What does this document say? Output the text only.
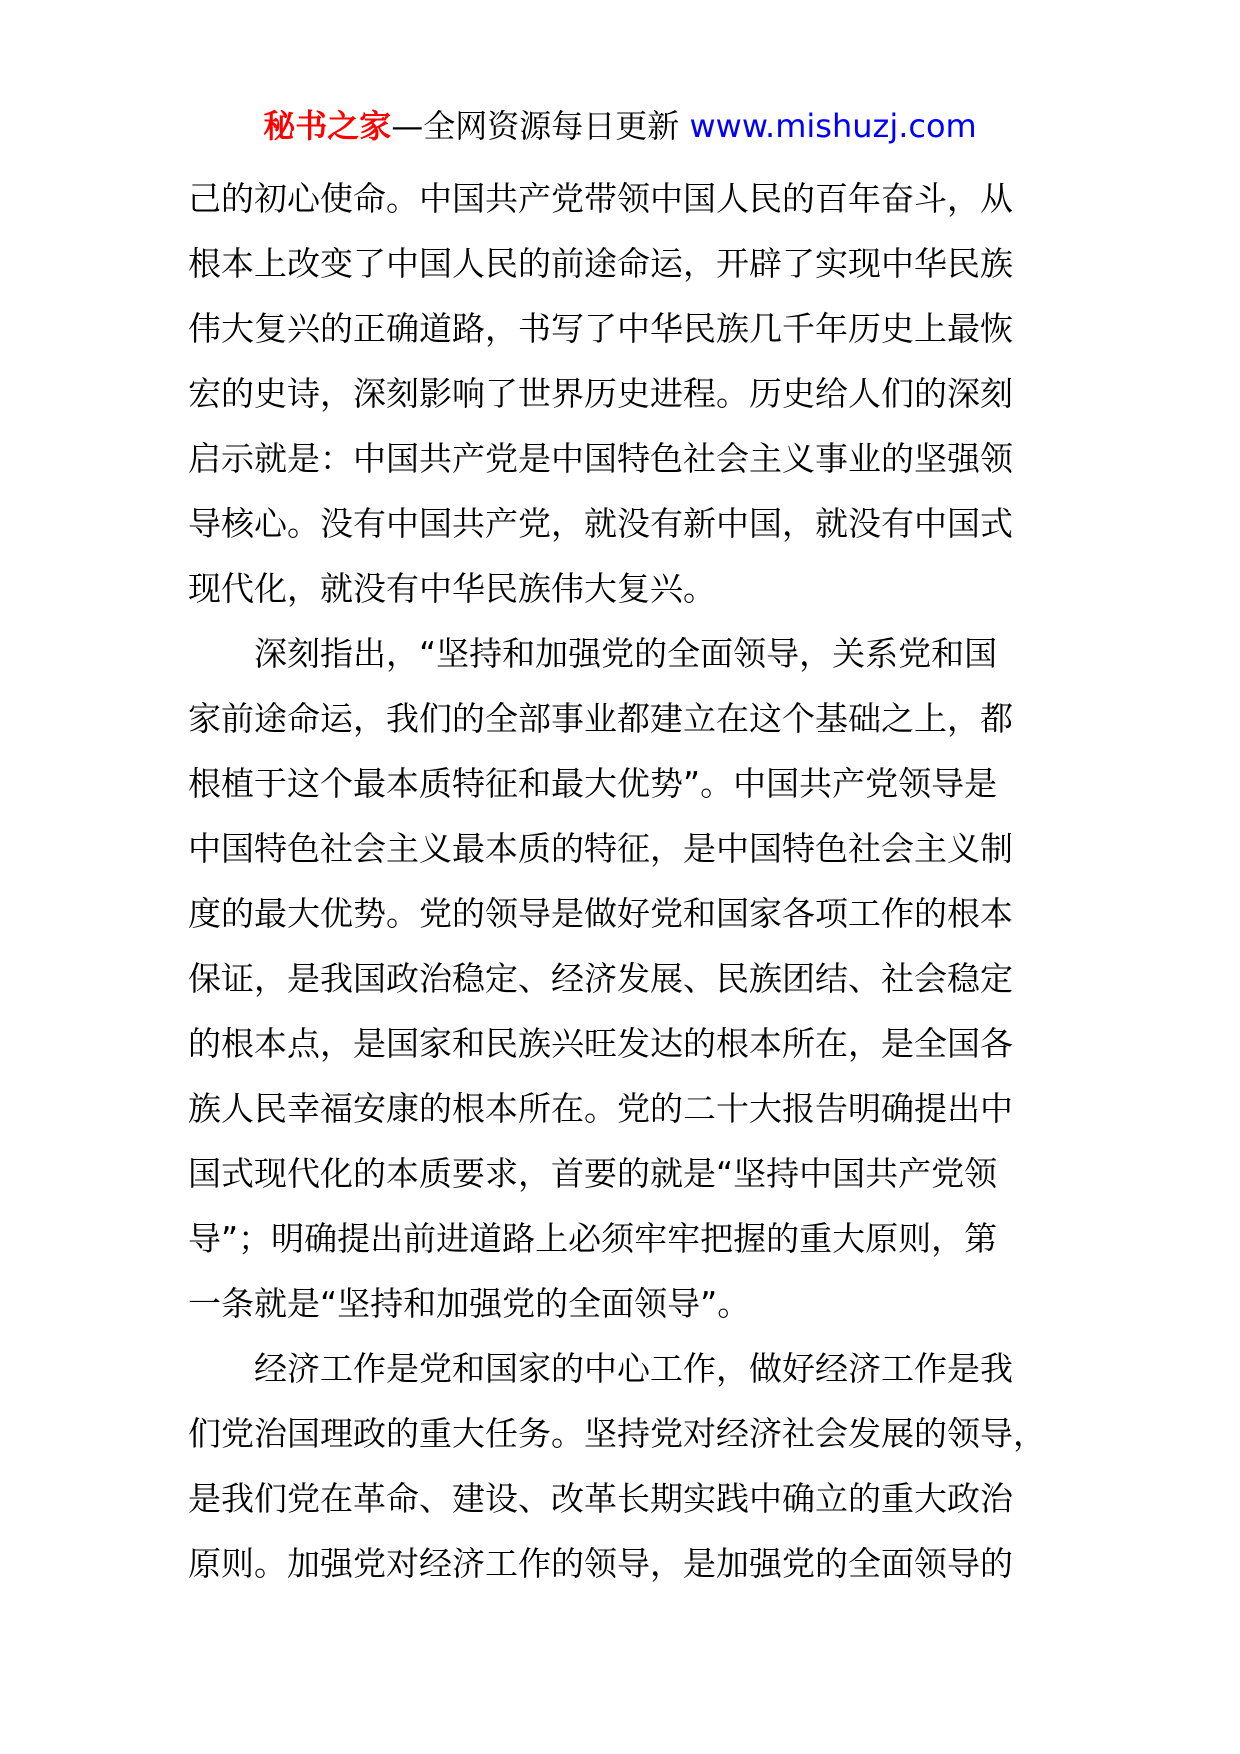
秘书之家—全网资源每日更新 www.mishuzj.com
己的初心使命。中国共产党带领中国人民的百年奋斗，从
根本上改变了中国人民的前途命运，开辟了实现中华民族
伟大复兴的正确道路，书写了中华民族几千年历史上最恢
宏的史诗，深刻影响了世界历史进程。历史给人们的深刻
启示就是：中国共产党是中国特色社会主义事业的坚强领
导核心。没有中国共产党，就没有新中国，就没有中国式
现代化，就没有中华民族伟大复兴。
深刻指出，“坚持和加强党的全面领导，关系党和国
家前途命运，我们的全部事业都建立在这个基础之上，都
根植于这个最本质特征和最大优势”。中国共产党领导是
中国特色社会主义最本质的特征，是中国特色社会主义制
度的最大优势。党的领导是做好党和国家各项工作的根本
保证，是我国政治稳定、经济发展、民族团结、社会稳定
的根本点，是国家和民族兴旺发达的根本所在，是全国各
族人民幸福安康的根本所在。党的二十大报告明确提出中
国式现代化的本质要求，首要的就是“坚持中国共产党领
导”；明确提出前进道路上必须牢牢把握的重大原则，第
一条就是“坚持和加强党的全面领导”。
经济工作是党和国家的中心工作，做好经济工作是我
们党治国理政的重大任务。坚持党对经济社会发展的领导，
是我们党在革命、建设、改革长期实践中确立的重大政治
原则。加强党对经济工作的领导，是加强党的全面领导的
